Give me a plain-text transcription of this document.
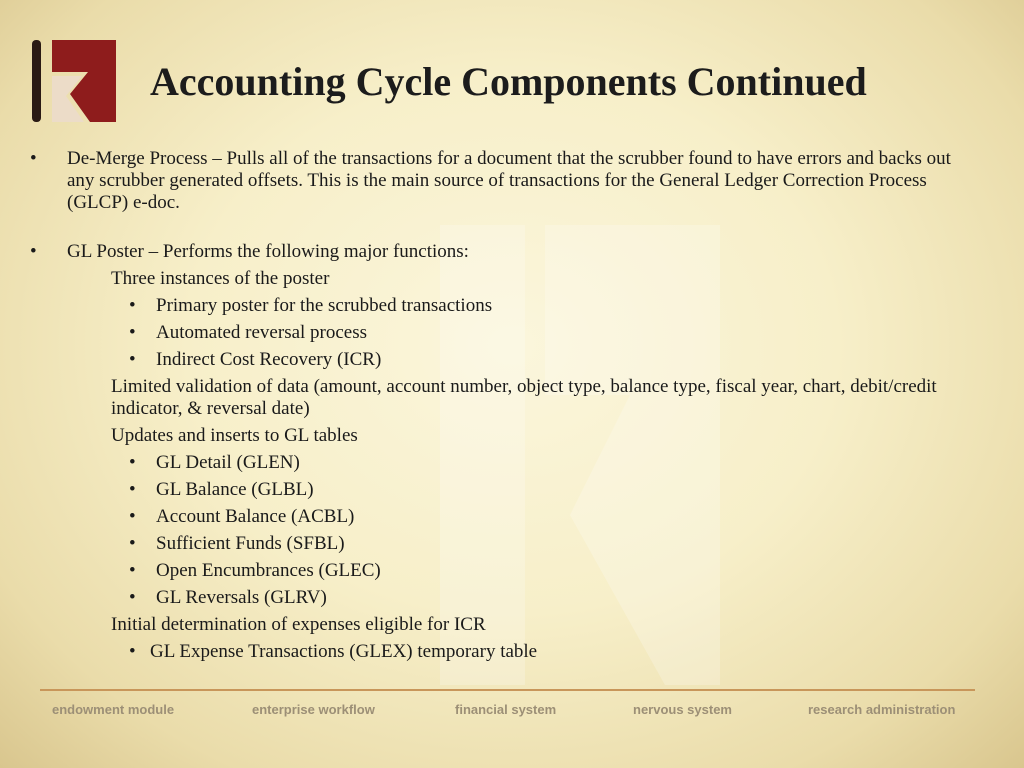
Accounting Cycle Components Continued
• De-Merge Process – Pulls all of the transactions for a document that the scrubber found to have errors and backs out any scrubber generated offsets. This is the main source of transactions for the General Ledger Correction Process (GLCP) e-doc.
• GL Poster – Performs the following major functions:
Three instances of the poster
• Primary poster for the scrubbed transactions
• Automated reversal process
• Indirect Cost Recovery (ICR)
Limited validation of data (amount, account number, object type, balance type, fiscal year, chart, debit/credit indicator, & reversal date)
Updates and inserts to GL tables
• GL Detail (GLEN)
• GL Balance (GLBL)
• Account Balance (ACBL)
• Sufficient Funds (SFBL)
• Open Encumbrances (GLEC)
• GL Reversals (GLRV)
Initial determination of expenses eligible for ICR
• GL Expense Transactions (GLEX) temporary table
endowment module	enterprise workflow	financial system	nervous system	research administration
